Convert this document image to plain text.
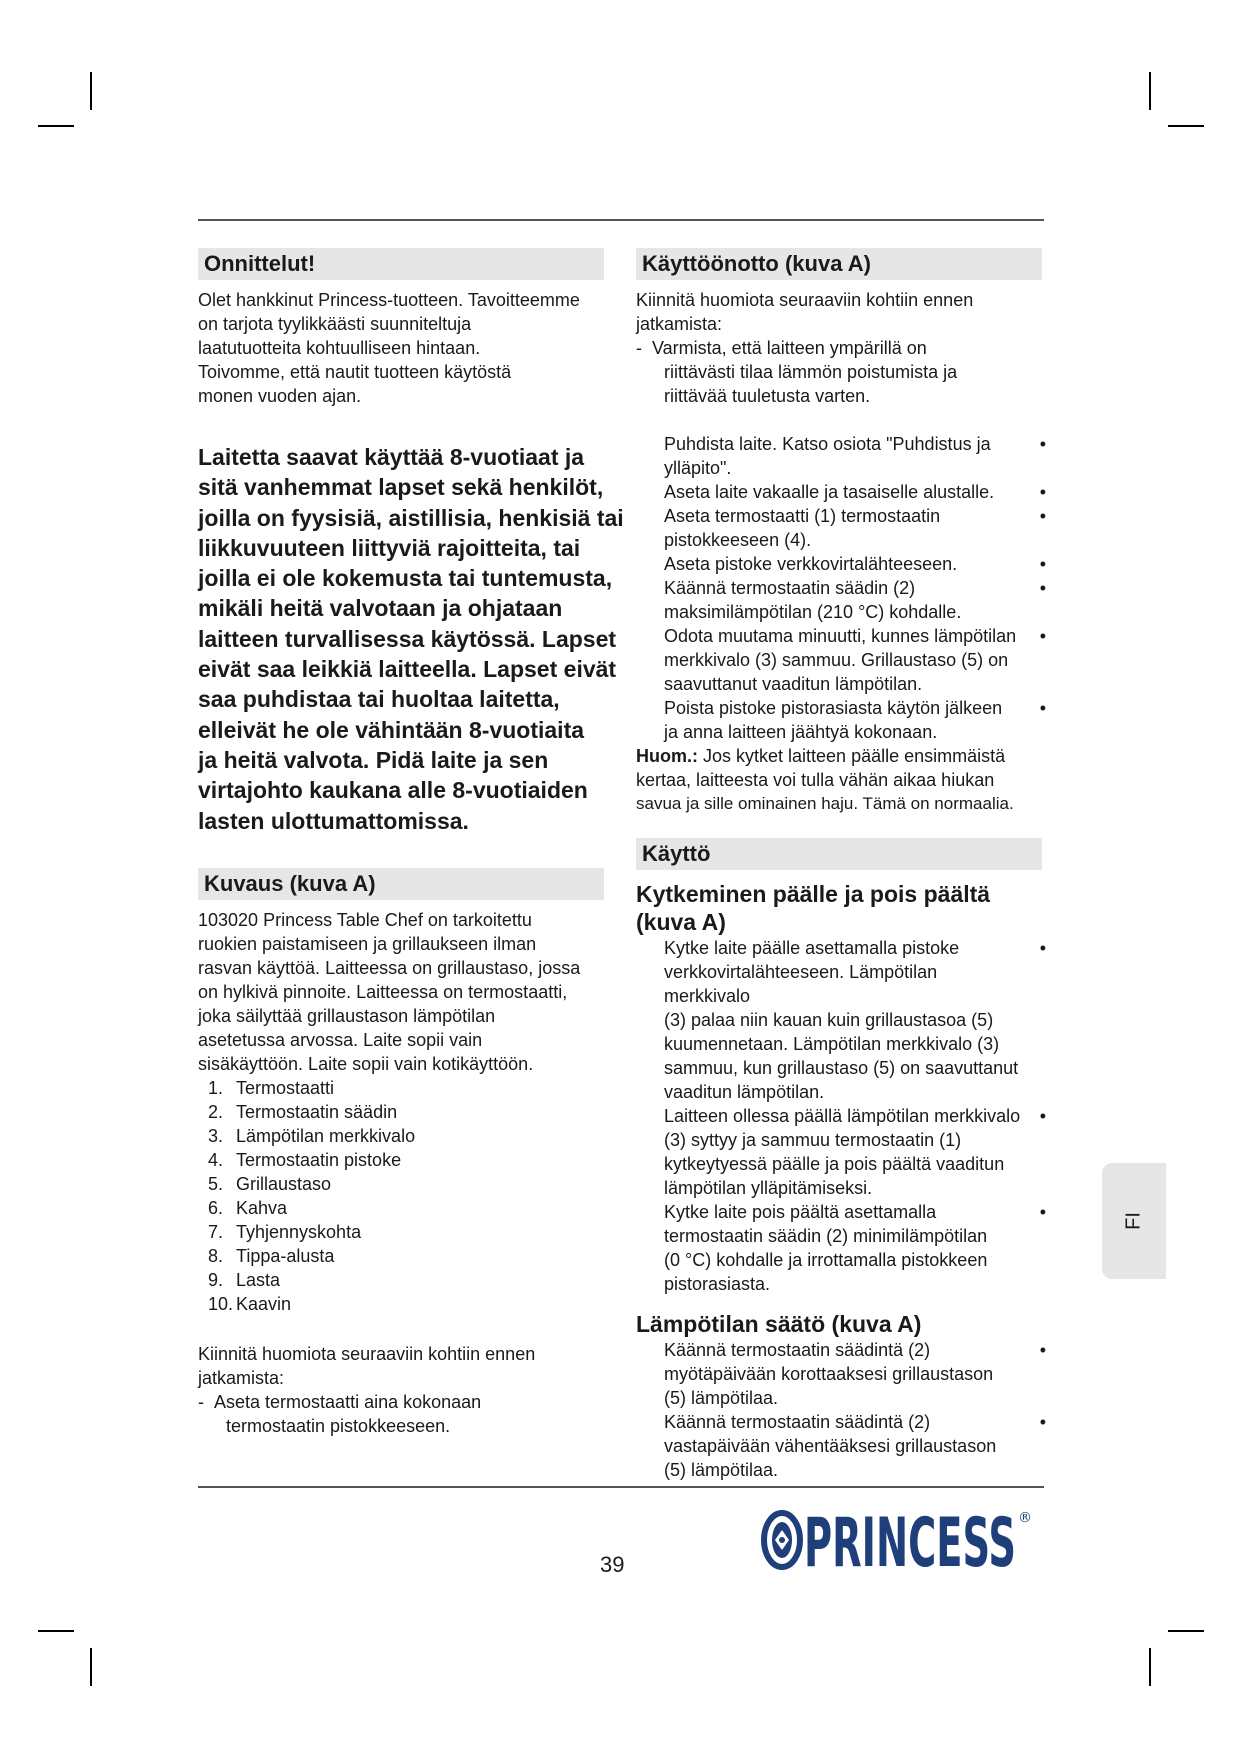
Onnittelut!

Olet hankkinut Princess-tuotteen. Tavoitteemme

on tarjota tyylikkäästi suunniteltuja

laatutuotteita kohtuulliseen hintaan.

Toivomme, että nautit tuotteen käytöstä

monen vuoden ajan.

Laitetta saavat käyttää 8-vuotiaat ja
sitä vanhemmat lapset sekä henkilöt,
joilla on fyysisiä, aistillisia, henkisiä tai
liikkuvuuteen liittyviä rajoitteita, tai
joilla ei ole kokemusta tai tuntemusta,
mikäli heitä valvotaan ja ohjataan
laitteen turvallisessa käytössä. Lapset
eivät saa leikkiä laitteella. Lapset eivät
saa puhdistaa tai huoltaa laitetta,
elleivät he ole vähintään 8-vuotiaita
ja heitä valvota. Pidä laite ja sen
virtajohto kaukana alle 8-vuotiaiden
lasten ulottumattomissa.
Kuvaus (kuva A)

103020 Princess Table Chef on tarkoitettu

ruokien paistamiseen ja grillaukseen ilman

rasvan käyttöä. Laitteessa on grillaustaso, jossa

on hylkivä pinnoite. Laitteessa on termostaatti,

joka säilyttää grillaustason lämpötilan

asetetussa arvossa. Laite sopii vain

sisäkäyttöön. Laite sopii vain kotikäyttöön.

1. Termostaatti
2. Termostaatin säädin
3. Lämpötilan merkkivalo
4. Termostaatin pistoke
5. Grillaustaso
6. Kahva
7. Tyhjennyskohta
8. Tippa-alusta
9. Lasta
10. Kaavin

Kiinnitä huomiota seuraaviin kohtiin ennen

jatkamista:

- Aseta termostaatti aina kokonaan
termostaatin pistokkeeseen.
Käyttöönotto (kuva A)

Kiinnitä huomiota seuraaviin kohtiin ennen

jatkamista:

- Varmista, että laitteen ympärillä on
riittävästi tilaa lämmön poistumista ja
riittävää tuuletusta varten.
•
Puhdista laite. Katso osiota "Puhdistus ja
ylläpito".
•
Aseta laite vakaalle ja tasaiselle alustalle.
•
Aseta termostaatti (1) termostaatin
pistokkeeseen (4).
•
Aseta pistoke verkkovirtalähteeseen.
•
Käännä termostaatin säädin (2)
maksimilämpötilan (210 °C) kohdalle.
•
Odota muutama minuutti, kunnes lämpötilan
merkkivalo (3) sammuu. Grillaustaso (5) on
saavuttanut vaaditun lämpötilan.
•
Poista pistoke pistorasiasta käytön jälkeen
ja anna laitteen jäähtyä kokonaan.
Huom.: Jos kytket laitteen päälle ensimmäistä
kertaa, laitteesta voi tulla vähän aikaa hiukan
savua ja sille ominainen haju. Tämä on normaalia.
Käyttö
Kytkeminen päälle ja pois päältä
(kuva A)
•
Kytke laite päälle asettamalla pistoke
verkkovirtalähteeseen. Lämpötilan merkkivalo
(3) palaa niin kauan kuin grillaustasoa (5)
kuumennetaan. Lämpötilan merkkivalo (3)
sammuu, kun grillaustaso (5) on saavuttanut
vaaditun lämpötilan.
•
Laitteen ollessa päällä lämpötilan merkkivalo
(3) syttyy ja sammuu termostaatin (1)
kytkeytyessä päälle ja pois päältä vaaditun
lämpötilan ylläpitämiseksi.
•
Kytke laite pois päältä asettamalla
termostaatin säädin (2) minimilämpötilan
(0 °C) kohdalle ja irrottamalla pistokkeen
pistorasiasta.
Lämpötilan säätö (kuva A)
•
Käännä termostaatin säädintä (2)
myötäpäivään korottaaksesi grillaustason
(5) lämpötilaa.
•
Käännä termostaatin säädintä (2)
vastapäivään vähentääksesi grillaustason
(5) lämpötilaa.
FI
39	PRINCESS ®
